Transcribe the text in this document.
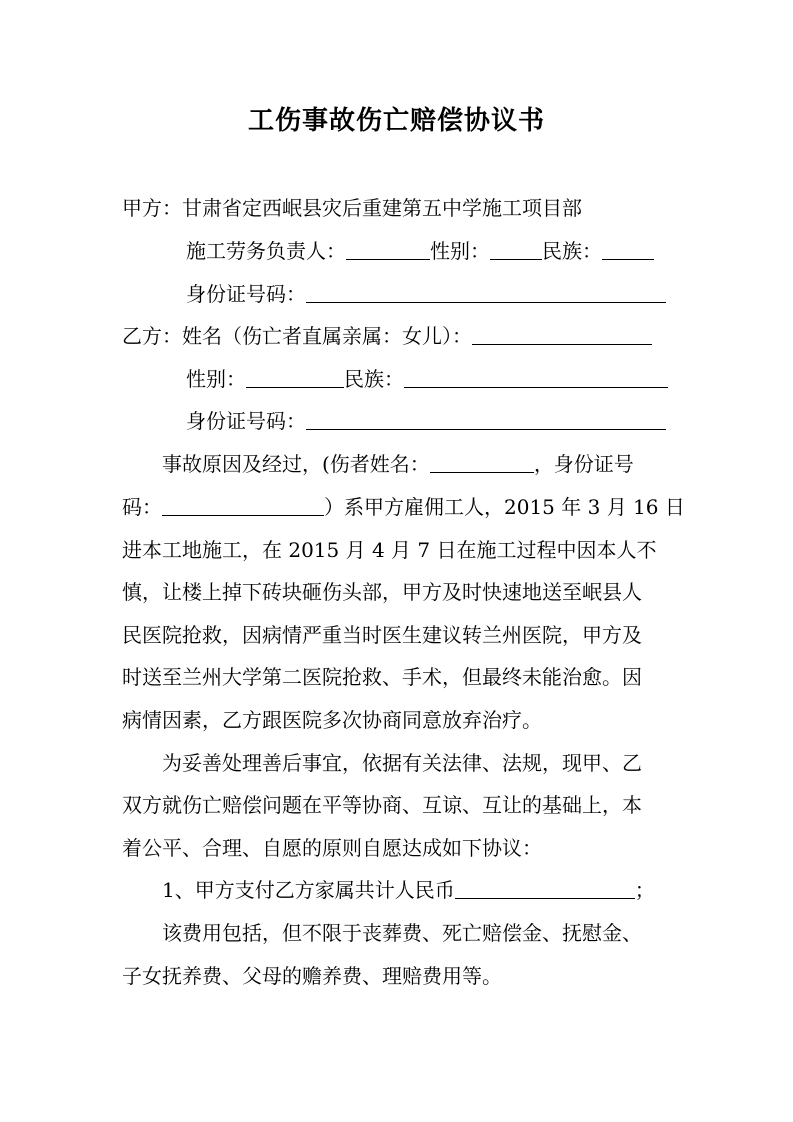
工伤事故伤亡赔偿协议书
甲方：甘肃省定西岷县灾后重建第五中学施工项目部
施工劳务负责人：	性别：	民族：
身份证号码：
乙方：姓名（伤亡者直属亲属：女儿）：
性别：	民族：
身份证号码：
事故原因及经过，(伤者姓名：	，身份证号
码：	）系甲方雇佣工人，2015 年 3 月 16 日
进本工地施工，在 2015 月 4 月 7 日在施工过程中因本人不
慎，让楼上掉下砖块砸伤头部，甲方及时快速地送至岷县人
民医院抢救，因病情严重当时医生建议转兰州医院，甲方及
时送至兰州大学第二医院抢救、手术，但最终未能治愈。因
病情因素，乙方跟医院多次协商同意放弃治疗。
为妥善处理善后事宜，依据有关法律、法规，现甲、乙
双方就伤亡赔偿问题在平等协商、互谅、互让的基础上，本
着公平、合理、自愿的原则自愿达成如下协议：
1、甲方支付乙方家属共计人民币	；
该费用包括，但不限于丧葬费、死亡赔偿金、抚慰金、
子女抚养费、父母的赡养费、理赔费用等。
